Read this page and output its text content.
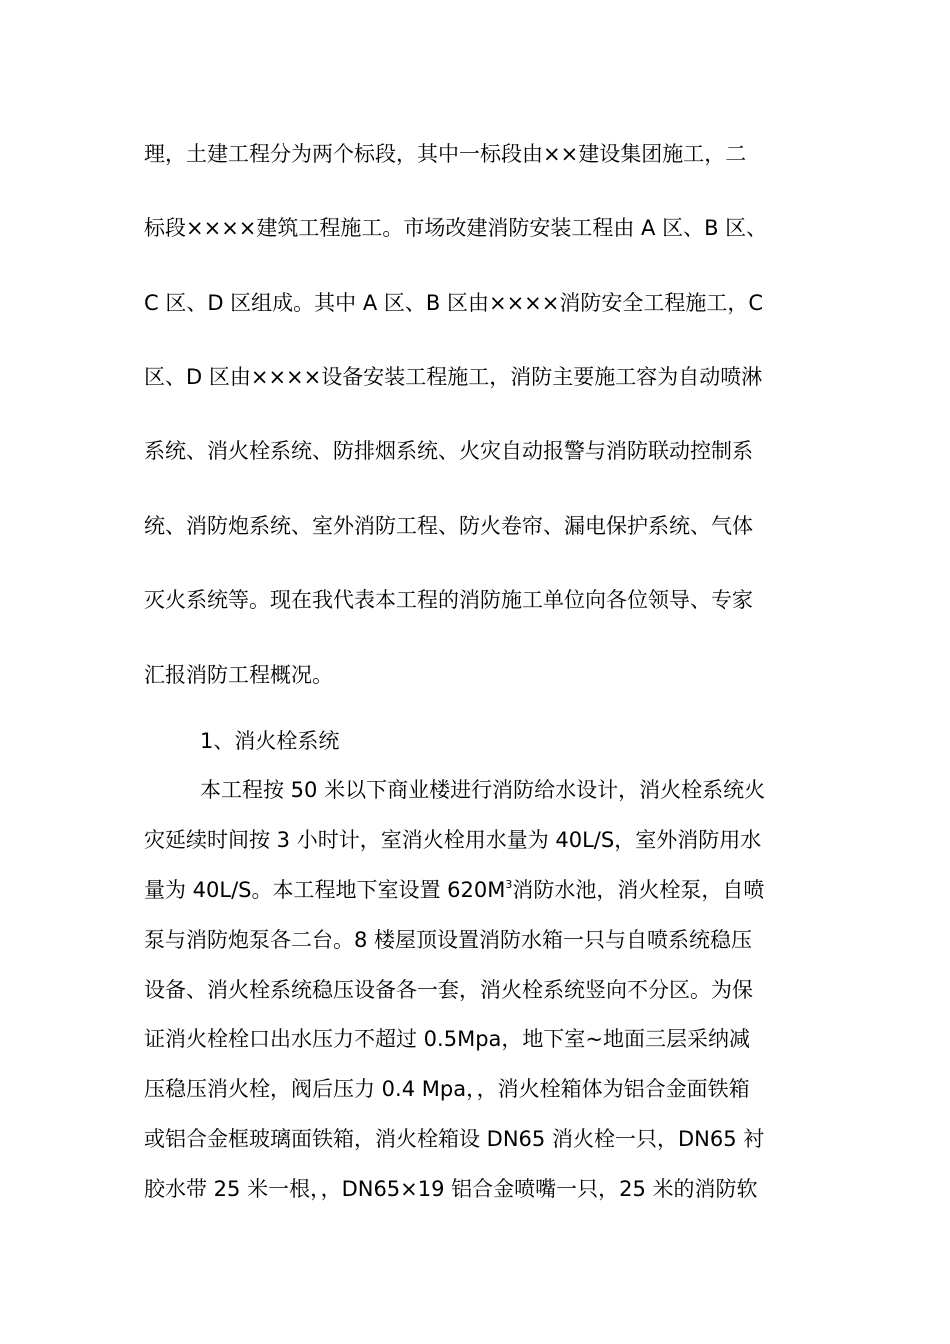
理，土建工程分为两个标段，其中一标段由××建设集团施工，二

标段××××建筑工程施工。市场改建消防安装工程由 A 区、B 区、

C 区、D 区组成。其中 A 区、B 区由××××消防安全工程施工，C

区、D 区由××××设备安装工程施工，消防主要施工容为自动喷淋

系统、消火栓系统、防排烟系统、火灾自动报警与消防联动控制系

统、消防炮系统、室外消防工程、防火卷帘、漏电保护系统、气体

灭火系统等。现在我代表本工程的消防施工单位向各位领导、专家

汇报消防工程概况。

1、消火栓系统

本工程按 50 米以下商业楼进行消防给水设计，消火栓系统火

灾延续时间按 3 小时计，室消火栓用水量为 40L/S，室外消防用水

量为 40L/S。本工程地下室设置 $620M^3$消防水池，消火栓泵，自喷

泵与消防炮泵各二台。8 楼屋顶设置消防水箱一只与自喷系统稳压

设备、消火栓系统稳压设备各一套，消火栓系统竖向不分区。为保

证消火栓栓口出水压力不超过 0.5Mpa，地下室~地面三层采纳减

压稳压消火栓，阀后压力 0.4 Mpa，，消火栓箱体为铝合金面铁箱

或铝合金框玻璃面铁箱，消火栓箱设 DN65 消火栓一只，DN65 衬

胶水带 25 米一根，，DN65×19 铝合金喷嘴一只，25 米的消防软
